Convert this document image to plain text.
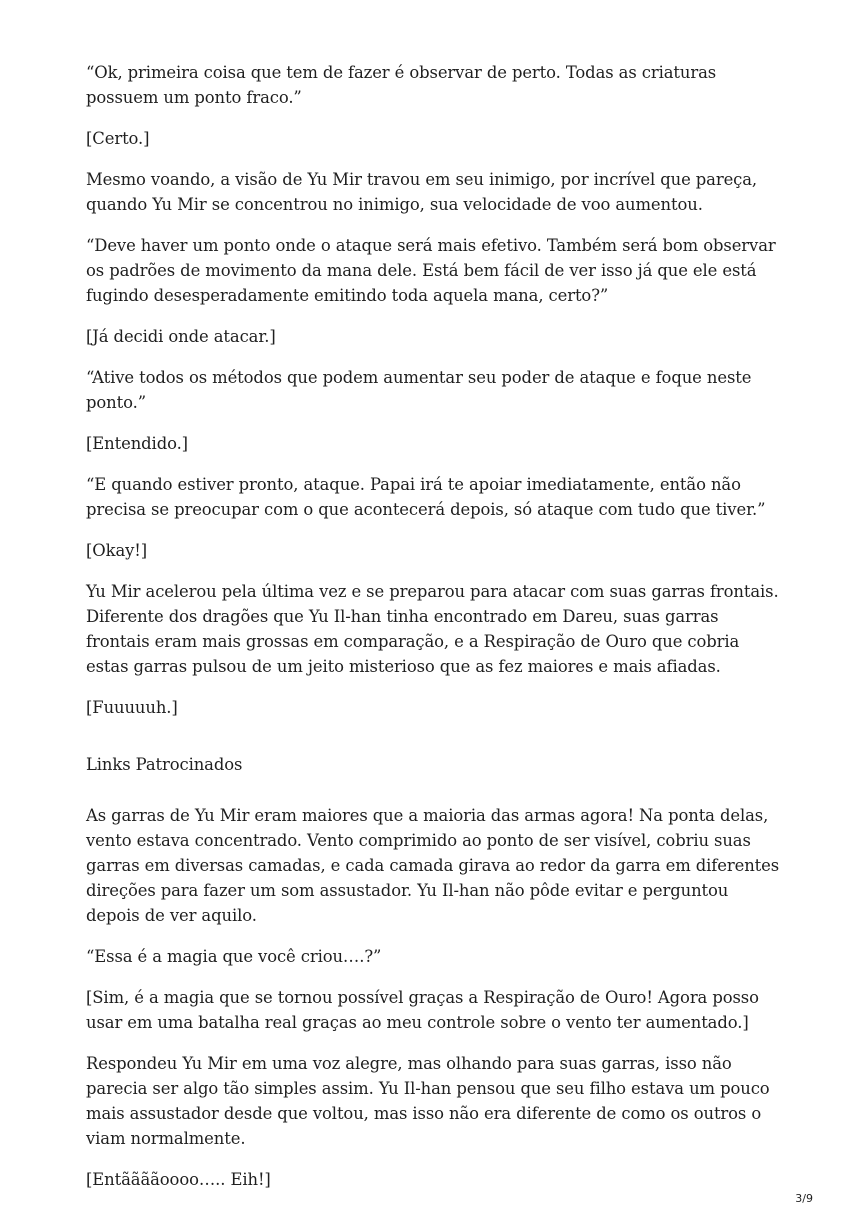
“Ok, primeira coisa que tem de fazer é observar de perto. Todas as criaturas possuem um ponto fraco.”

[Certo.]

Mesmo voando, a visão de Yu Mir travou em seu inimigo, por incrível que pareça, quando Yu Mir se concentrou no inimigo, sua velocidade de voo aumentou.

“Deve haver um ponto onde o ataque será mais efetivo. Também será bom observar os padrões de movimento da mana dele. Está bem fácil de ver isso já que ele está fugindo desesperadamente emitindo toda aquela mana, certo?”

[Já decidi onde atacar.]

“Ative todos os métodos que podem aumentar seu poder de ataque e foque neste ponto.”

[Entendido.]

“E quando estiver pronto, ataque. Papai irá te apoiar imediatamente, então não precisa se preocupar com o que acontecerá depois, só ataque com tudo que tiver.”

[Okay!]

Yu Mir acelerou pela última vez e se preparou para atacar com suas garras frontais. Diferente dos dragões que Yu Il-han tinha encontrado em Dareu, suas garras frontais eram mais grossas em comparação, e a Respiração de Ouro que cobria estas garras pulsou de um jeito misterioso que as fez maiores e mais afiadas.

[Fuuuuuh.]

Links Patrocinados

As garras de Yu Mir eram maiores que a maioria das armas agora! Na ponta delas, vento estava concentrado. Vento comprimido ao ponto de ser visível, cobriu suas garras em diversas camadas, e cada camada girava ao redor da garra em diferentes direções para fazer um som assustador. Yu Il-han não pôde evitar e perguntou depois de ver aquilo.

“Essa é a magia que você criou….?”

[Sim, é a magia que se tornou possível graças a Respiração de Ouro! Agora posso usar em uma batalha real graças ao meu controle sobre o vento ter aumentado.]

Respondeu Yu Mir em uma voz alegre, mas olhando para suas garras, isso não parecia ser algo tão simples assim. Yu Il-han pensou que seu filho estava um pouco mais assustador desde que voltou, mas isso não era diferente de como os outros o viam normalmente.

[Entããããoooo….. Eih!]

3/9
